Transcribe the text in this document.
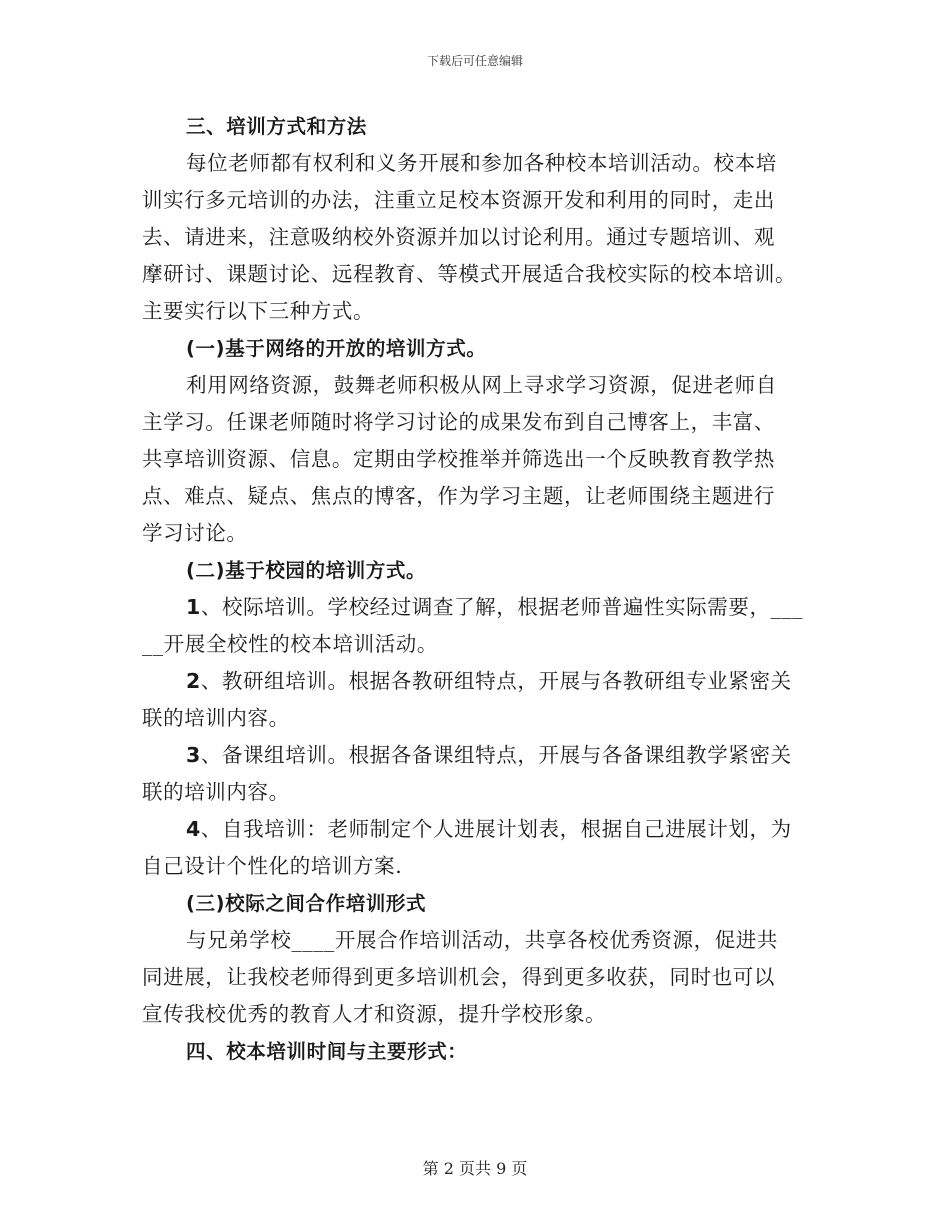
下载后可任意编辑
三、培训方式和方法
每位老师都有权利和义务开展和参加各种校本培训活动。校本培
训实行多元培训的办法，注重立足校本资源开发和利用的同时，走出
去、请进来，注意吸纳校外资源并加以讨论利用。通过专题培训、观
摩研讨、课题讨论、远程教育、等模式开展适合我校实际的校本培训。
主要实行以下三种方式。
(一)基于网络的开放的培训方式。
利用网络资源，鼓舞老师积极从网上寻求学习资源，促进老师自
主学习。任课老师随时将学习讨论的成果发布到自己博客上，丰富、
共享培训资源、信息。定期由学校推举并筛选出一个反映教育教学热
点、难点、疑点、焦点的博客，作为学习主题，让老师围绕主题进行
学习讨论。
(二)基于校园的培训方式。
1、校际培训。学校经过调查了解，根据老师普遍性实际需要，___
__开展全校性的校本培训活动。
2、教研组培训。根据各教研组特点，开展与各教研组专业紧密关
联的培训内容。
3、备课组培训。根据各备课组特点，开展与各备课组教学紧密关
联的培训内容。
4、自我培训：老师制定个人进展计划表，根据自己进展计划，为
自己设计个性化的培训方案.
(三)校际之间合作培训形式
与兄弟学校____开展合作培训活动，共享各校优秀资源，促进共
同进展，让我校老师得到更多培训机会，得到更多收获，同时也可以
宣传我校优秀的教育人才和资源，提升学校形象。
四、校本培训时间与主要形式：
第 2 页共 9 页
